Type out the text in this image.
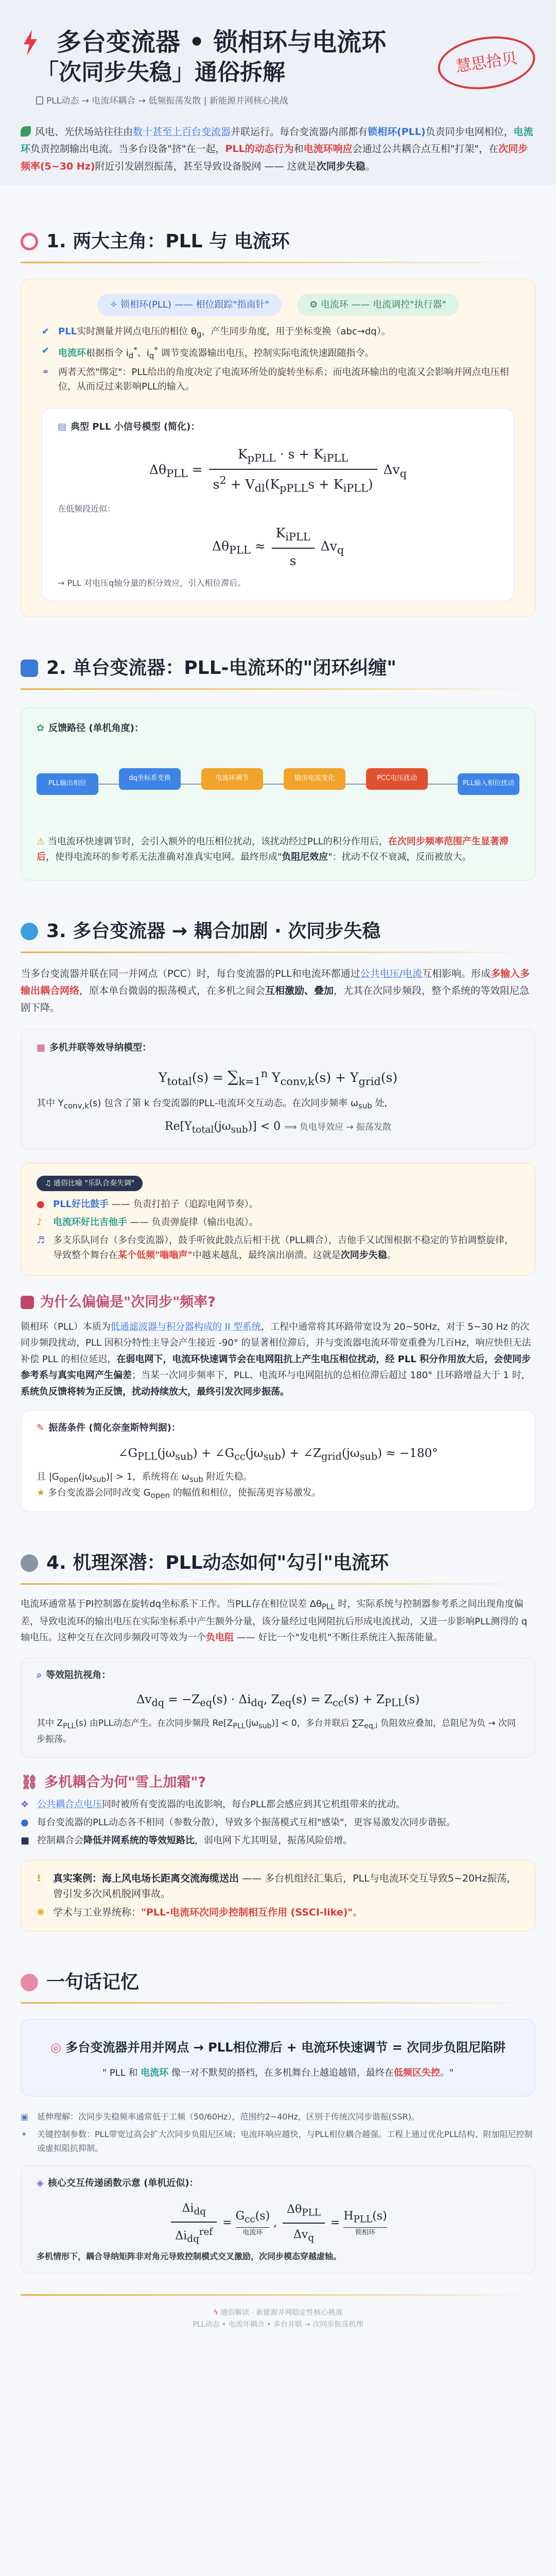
多台变流器 • 锁相环与电流环
「次同步失稳」通俗拆解
PLL动态 → 电流环耦合 → 低频振荡发散 | 新能源并网核心挑战
慧思拾贝
风电、光伏场站往往由数十甚至上百台变流器并联运行。每台变流器内部都有锁相环(PLL)负责同步电网相位，电流环负责控制输出电流。当多台设备"挤"在一起，PLL的动态行为和电流环响应会通过公共耦合点互相"打架"，在次同步频率(5~30 Hz)附近引发剧烈振荡，甚至导致设备脱网 —— 这就是次同步失稳。
1. 两大主角：PLL 与 电流环
✧ 锁相环(PLL) —— 相位跟踪"指南针"	⚙ 电流环 —— 电流调控"执行器"
✔ PLL实时测量并网点电压的相位 $\theta_g$，产生同步角度，用于坐标变换（abc→dq）。
✔ 电流环根据指令 $i_d^*$、$i_q^*$ 调节变流器输出电压，控制实际电流快速跟随指令。
⚭ 两者天然"绑定"：PLL给出的角度决定了电流环所处的旋转坐标系；而电流环输出的电流又会影响并网点电压相位，从而反过来影响PLL的输入。
▤ 典型 PLL 小信号模型 (简化)：
$\Delta\theta_{PLL} = \frac{K_{pPLL} \cdot s + K_{iPLL}}{s^2 + V_{dl}(K_{pPLL}s + K_{iPLL})} \Delta v_q$
在低频段近似：
$\Delta\theta_{PLL} \approx \frac{K_{iPLL}}{s} \Delta v_q$
→ PLL 对电压q轴分量的积分效应，引入相位滞后。
2. 单台变流器：PLL-电流环的"闭环纠缠"
✿ 反馈路径 (单机角度)：
PLL输出相位
dq坐标系变换	电流环调节	输出电流变化	PCC电压扰动
PLL输入相位扰动
⚠ 当电流环快速调节时，会引入额外的电压相位扰动，该扰动经过PLL的积分作用后，在次同步频率范围产生显著滞后，使得电流环的参考系无法准确对准真实电网。最终形成"负阻尼效应"：扰动不仅不衰减，反而被放大。
3. 多台变流器 → 耦合加剧 · 次同步失稳
当多台变流器并联在同一并网点（PCC）时，每台变流器的PLL和电流环都通过公共电压/电流互相影响。形成多输入多输出耦合网络，原本单台微弱的振荡模式，在多机之间会互相激励、叠加，尤其在次同步频段，整个系统的等效阻尼急剧下降。
▦ 多机并联等效导纳模型：
$Y_{total}(s) = \sum_{k=1}^n$ $Y_{conv,k}(s) + Y_{grid}(s)$
其中 $Y_{conv,k}(s)$ 包含了第 k 台变流器的PLL-电流环交互动态。在次同步频率 $\omega_{sub}$ 处,
$Re[Y_{total}(j\omega_{sub})] < 0$ ⟹ 负电导效应 → 振荡发散
♫ 通俗比喻 "乐队合奏失调"
● PLL好比鼓手 —— 负责打拍子（追踪电网节奏）。
♪	电流环好比吉他手 —— 负责弹旋律（输出电流）。
♬ 多支乐队同台（多台变流器），鼓手听彼此鼓点后相干扰（PLL耦合），吉他手又试图根据不稳定的节拍调整旋律，导致整个舞台在某个低频"嗡嗡声"中越来越乱，最终演出崩溃。这就是次同步失稳。
为什么偏偏是"次同步"频率?
锁相环（PLL）本质为低通滤波器与积分器构成的 II 型系统，工程中通常将其环路带宽设为 20~50Hz，对于 5~30 Hz 的次同步频段扰动，PLL 因积分特性主导会产生接近 -90° 的显著相位滞后，并与变流器电流环带宽重叠为几百Hz，响应快但无法补偿 PLL 的相位延迟，在弱电网下，电流环快速调节会在电网阻抗上产生电压相位扰动，经 PLL 积分作用放大后，会使同步参考系与真实电网产生偏差；当某一次同步频率下，PLL、电流环与电网阻抗的总相位滞后超过 180° 且环路增益大于 1 时，系统负反馈将转为正反馈，扰动持续放大，最终引发次同步振荡。
✎ 振荡条件 (简化奈奎斯特判据)：
$\angle G_{PLL}(j\omega_{sub})$ + $\angle G_{cc}(j\omega_{sub})$ + $\angle Z_{grid}(j\omega_{sub}) \approx -180^\circ$
且 $|G_{open}(j\omega_{sub})| > 1$，系统将在 $\omega_{sub}$ 附近失稳。
★ 多台变流器会同时改变 $G_{open}$ 的幅值和相位，使振荡更容易激发。
4. 机理深潜：PLL动态如何"勾引"电流环
电流环通常基于PI控制器在旋转dq坐标系下工作。当PLL存在相位误差 $\Delta\theta_{PLL}$ 时，实际系统与控制器参考系之间出现角度偏差，导致电流环的输出电压在实际坐标系中产生额外分量，该分量经过电网阻抗后形成电流扰动，又进一步影响PLL测得的 q 轴电压。这种交互在次同步频段可等效为一个负电阻 —— 好比一个"发电机"不断往系统注入振荡能量。
⌕ 等效阻抗视角：
$\Delta v_{dq} = -Z_{eq}(s) \cdot \Delta i_{dq}$, $Z_{eq}(s) = Z_{cc}(s) + Z_{PLL}(s)$
其中 $Z_{PLL}(s)$ 由PLL动态产生。在次同步频段 $Re[Z_{PLL}(j\omega_{sub})] < 0$，多台并联后 $\sum Z_{eq,i}$ 负阻效应叠加，总阻尼为负 → 次同步振荡。
⛓ 多机耦合为何"雪上加霜"?
❖ 公共耦合点电压同时被所有变流器的电流影响，每台PLL都会感应到其它机组带来的扰动。
● 每台变流器的PLL动态各不相同（参数分散），导致多个振荡模式互相"感染"，更容易激发次同步谐振。
■ 控制耦合会降低并网系统的等效短路比，弱电网下尤其明显，振荡风险倍增。
!	真实案例：海上风电场长距离交流海缆送出 —— 多台机组经汇集后，PLL与电流环交互导致5~20Hz振荡，曾引发多次风机脱网事故。
✺ 学术与工业界统称："PLL-电流环次同步控制相互作用 (SSCI-like)"。
一句话记忆
◎ 多台变流器并用并网点 → PLL相位滞后 + 电流环快速调节 = 次同步负阻尼陷阱
" PLL 和 电流环 像一对不默契的搭档，在多机舞台上越追越错，最终在低频区失控。"
▣	延伸理解：次同步失稳频率通常低于工频（50/60Hz），范围约2~40Hz，区别于传统次同步谐振(SSR)。
✦	关键控制参数：PLL带宽过高会扩大次同步负阻尼区域；电流环响应越快，与PLL相位耦合越强。工程上通过优化PLL结构、附加阻尼控制或虚拟阻抗抑制。
◈ 核心交互传递函数示意 (单机近似)：
$\frac{\Delta i_{dq}}{\Delta i_{dq}^{ref}} = G_{cc}(s)$
电流环
, $\frac{\Delta\theta_{PLL}}{\Delta v_q} = H_{PLL}(s)$
锁相环
多机情形下，耦合导纳矩阵非对角元导致控制模式交叉激励，次同步模态穿越虚轴。
ϟ 通俗解读 · 新能源并网稳定性核心挑战
PLL动态 • 电流环耦合 • 多台并联 → 次同步振荡机理
